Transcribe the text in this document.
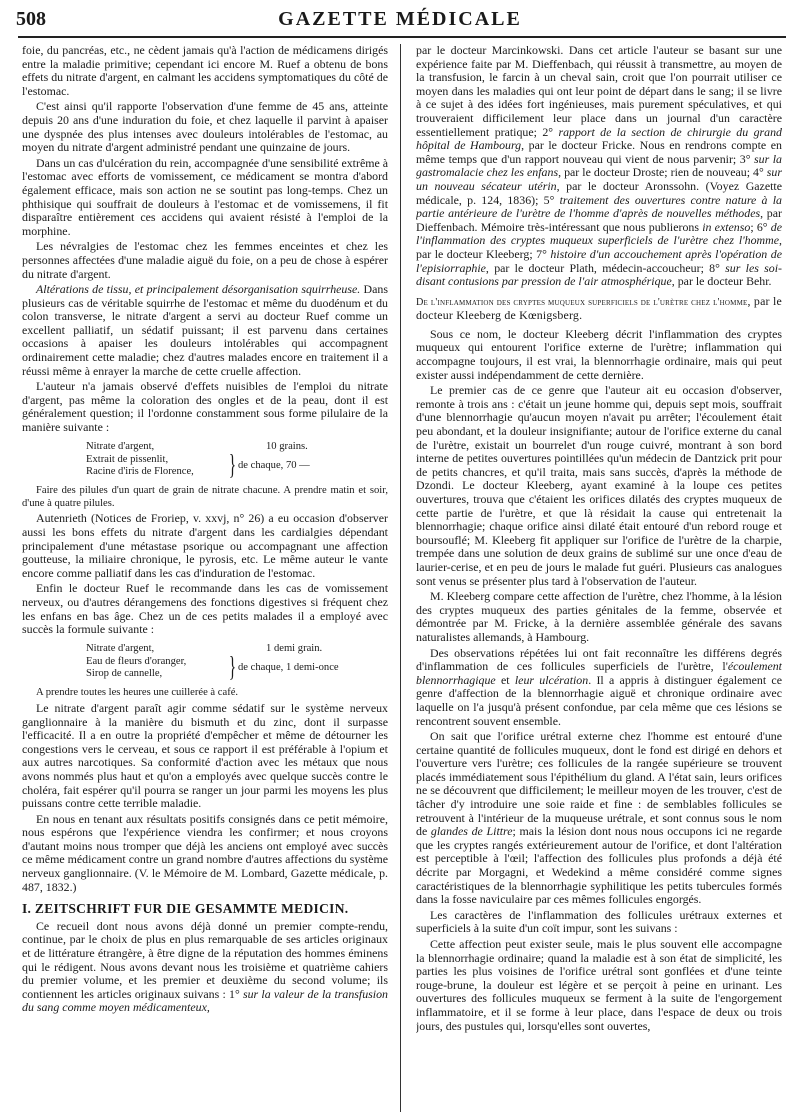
508	GAZETTE MÉDICALE

foie, du pancréas, etc., ne cèdent jamais qu'à l'action de médicamens dirigés entre la maladie primitive; cependant ici encore M. Ruef a obtenu de bons effets du nitrate d'argent, en calmant les accidens symptomatiques du côté de l'estomac.

C'est ainsi qu'il rapporte l'observation d'une femme de 45 ans, atteinte depuis 20 ans d'une induration du foie, et chez laquelle il parvint à apaiser une dyspnée des plus intenses avec douleurs intolérables de l'estomac, au moyen du nitrate d'argent administré pendant une quinzaine de jours.

Dans un cas d'ulcération du rein, accompagnée d'une sensibilité extrême à l'estomac avec efforts de vomissement, ce médicament se montra d'abord également efficace, mais son action ne se soutint pas long-temps. Chez un phthisique qui souffrait de douleurs à l'estomac et de vomissemens, il fit disparaître entièrement ces accidens qui avaient résisté à l'emploi de la morphine.

Les névralgies de l'estomac chez les femmes enceintes et chez les personnes affectées d'une maladie aiguë du foie, on a peu de chose à espérer du nitrate d'argent.

Altérations de tissu, et principalement désorganisation squirrheuse. Dans plusieurs cas de véritable squirrhe de l'estomac et même du duodénum et du colon transverse, le nitrate d'argent a servi au docteur Ruef comme un excellent palliatif, un sédatif puissant; il est parvenu dans certaines occasions à apaiser les douleurs intolérables qui accompagnent ordinairement cette maladie; chez d'autres malades encore en traitement il a réussi même à enrayer la marche de cette cruelle affection.

L'auteur n'a jamais observé d'effets nuisibles de l'emploi du nitrate d'argent, pas même la coloration des ongles et de la peau, dont il est généralement question; il l'ordonne constamment sous forme pilulaire de la manière suivante :

Nitrate d'argent,	10 grains.
Extrait de pissenlit,
Racine d'iris de Florence,	} de chaque, 70 —

Faire des pilules d'un quart de grain de nitrate chacune. A prendre matin et soir, d'une à quatre pilules.

Autenrieth (Notices de Froriep, v. xxvj, n° 26) a eu occasion d'observer aussi les bons effets du nitrate d'argent dans les cardialgies dépendant principalement d'une métastase psorique ou accompagnant une affection goutteuse, la miliaire chronique, le pyrosis, etc. Le même auteur le vante encore comme palliatif dans les cas d'induration de l'estomac.

Enfin le docteur Ruef le recommande dans les cas de vomissement nerveux, ou d'autres dérangemens des fonctions digestives si fréquent chez les enfans en bas âge. Chez un de ces petits malades il a employé avec succès la formule suivante :

Nitrate d'argent,	1 demi grain.
Eau de fleurs d'oranger,
Sirop de cannelle,	} de chaque, 1 demi-once

A prendre toutes les heures une cuillerée à café.

Le nitrate d'argent paraît agir comme sédatif sur le système nerveux ganglionnaire à la manière du bismuth et du zinc, dont il surpasse l'efficacité. Il a en outre la propriété d'empêcher et même de détourner les congestions vers le cerveau, et sous ce rapport il est préférable à l'opium et aux autres narcotiques. Sa conformité d'action avec les métaux que nous avons nommés plus haut et qu'on a employés avec quelque succès contre le choléra, fait espérer qu'il pourra se ranger un jour parmi les moyens les plus puissans contre cette terrible maladie.

En nous en tenant aux résultats positifs consignés dans ce petit mémoire, nous espérons que l'expérience viendra les confirmer; et nous croyons d'autant moins nous tromper que déjà les anciens ont employé avec succès ce même médicament contre un grand nombre d'autres affections du système nerveux ganglionnaire. (V. le Mémoire de M. Lombard, Gazette médicale, p. 487, 1832.)

I. ZEITSCHRIFT FUR DIE GESAMMTE MEDICIN.

Ce recueil dont nous avons déjà donné un premier compte-rendu, continue, par le choix de plus en plus remarquable de ses articles originaux et de littérature étrangère, à être digne de la réputation des hommes éminens qui le rédigent. Nous avons devant nous les troisième et quatrième cahiers du premier volume, et les premier et deuxième du second volume; ils contiennent les articles originaux suivans : 1° sur la valeur de la transfusion du sang comme moyen médicamenteux,

par le docteur Marcinkowski. Dans cet article l'auteur se basant sur une expérience faite par M. Dieffenbach, qui réussit à transmettre, au moyen de la transfusion, le farcin à un cheval sain, croit que l'on pourrait utiliser ce moyen dans les maladies qui ont leur point de départ dans le sang; il se livre à ce sujet à des idées fort ingénieuses, mais purement spéculatives, et qui trouveraient difficilement leur place dans un journal d'un caractère essentiellement pratique; 2° rapport de la section de chirurgie du grand hôpital de Hambourg, par le docteur Fricke. Nous en rendrons compte en même temps que d'un rapport nouveau qui vient de nous parvenir; 3° sur la gastromalacie chez les enfans, par le docteur Droste; rien de nouveau; 4° sur un nouveau sécateur utérin, par le docteur Aronssohn. (Voyez Gazette médicale, p. 124, 1836); 5° traitement des ouvertures contre nature à la partie antérieure de l'urètre de l'homme d'après de nouvelles méthodes, par Dieffenbach. Mémoire très-intéressant que nous publierons in extenso; 6° de l'inflammation des cryptes muqueux superficiels de l'urètre chez l'homme, par le docteur Kleeberg; 7° histoire d'un accouchement après l'opération de l'episiorraphie, par le docteur Plath, médecin-accoucheur; 8° sur les soi-disant contusions par pression de l'air atmosphérique, par le docteur Behr.

De l'inflammation des cryptes muqueux superficiels de l'urètre chez l'homme, par le docteur Kleeberg de Kœnigsberg.

Sous ce nom, le docteur Kleeberg décrit l'inflammation des cryptes muqueux qui entourent l'orifice externe de l'urètre; inflammation qui accompagne toujours, il est vrai, la blennorrhagie ordinaire, mais qui peut exister aussi indépendamment de cette dernière.

Le premier cas de ce genre que l'auteur ait eu occasion d'observer, remonte à trois ans : c'était un jeune homme qui, depuis sept mois, souffrait d'une blennorrhagie qu'aucun moyen n'avait pu arrêter; l'écoulement était peu abondant, et la douleur insignifiante; autour de l'orifice externe du canal de l'urètre, existait un bourrelet d'un rouge cuivré, montrant à son bord interne de petites ouvertures pointillées qu'un médecin de Dantzick prit pour de petits chancres, et qu'il traita, mais sans succès, d'après la méthode de Dzondi. Le docteur Kleeberg, ayant examiné à la loupe ces petites ouvertures, trouva que c'étaient les orifices dilatés des cryptes muqueux de cette partie de l'urètre, et que là résidait la cause qui entretenait la blennorrhagie; chaque orifice ainsi dilaté était entouré d'un rebord rouge et boursouflé; M. Kleeberg fit appliquer sur l'orifice de l'urètre de la charpie, trempée dans une solution de deux grains de sublimé sur une once d'eau de laurier-cerise, et en peu de jours le malade fut guéri. Plusieurs cas analogues sont venus se présenter plus tard à l'observation de l'auteur.

M. Kleeberg compare cette affection de l'urètre, chez l'homme, à la lésion des cryptes muqueux des parties génitales de la femme, observée et démontrée par M. Fricke, à la dernière assemblée générale des savans naturalistes allemands, à Hambourg.

Des observations répétées lui ont fait reconnaître les différens degrés d'inflammation de ces follicules superficiels de l'urètre, l'écoulement blennorrhagique et leur ulcération. Il a appris à distinguer également ce genre d'affection de la blennorrhagie aiguë et chronique ordinaire avec laquelle on l'a jusqu'à présent confondue, par cela même que ces lésions se rencontrent souvent ensemble.

On sait que l'orifice urétral externe chez l'homme est entouré d'une certaine quantité de follicules muqueux, dont le fond est dirigé en dehors et l'ouverture vers l'urètre; ces follicules de la rangée supérieure se trouvent placés immédiatement sous l'épithélium du gland. A l'état sain, leurs orifices ne se découvrent que difficilement; le meilleur moyen de les trouver, c'est de tâcher d'y introduire une soie raide et fine : de semblables follicules se retrouvent à l'intérieur de la muqueuse urétrale, et sont connus sous le nom de glandes de Littre; mais la lésion dont nous nous occupons ici ne regarde que les cryptes rangés extérieurement autour de l'orifice, et dont l'altération est perceptible à l'œil; l'affection des follicules plus profonds a déjà été décrite par Morgagni, et Wedekind a même considéré comme signes caractéristiques de la blennorrhagie syphilitique les petits tubercules formés dans la fosse naviculaire par ces mêmes follicules engorgés.

Les caractères de l'inflammation des follicules urétraux externes et superficiels à la suite d'un coït impur, sont les suivans :

Cette affection peut exister seule, mais le plus souvent elle accompagne la blennorrhagie ordinaire; quand la maladie est à son état de simplicité, les parties les plus voisines de l'orifice urétral sont gonflées et d'une teinte rouge-brune, la douleur est légère et se perçoit à peine en urinant. Les ouvertures des follicules muqueux se ferment à la suite de l'engorgement inflammatoire, et il se forme à leur place, dans l'espace de deux ou trois jours, des pustules qui, lorsqu'elles sont ouvertes,
